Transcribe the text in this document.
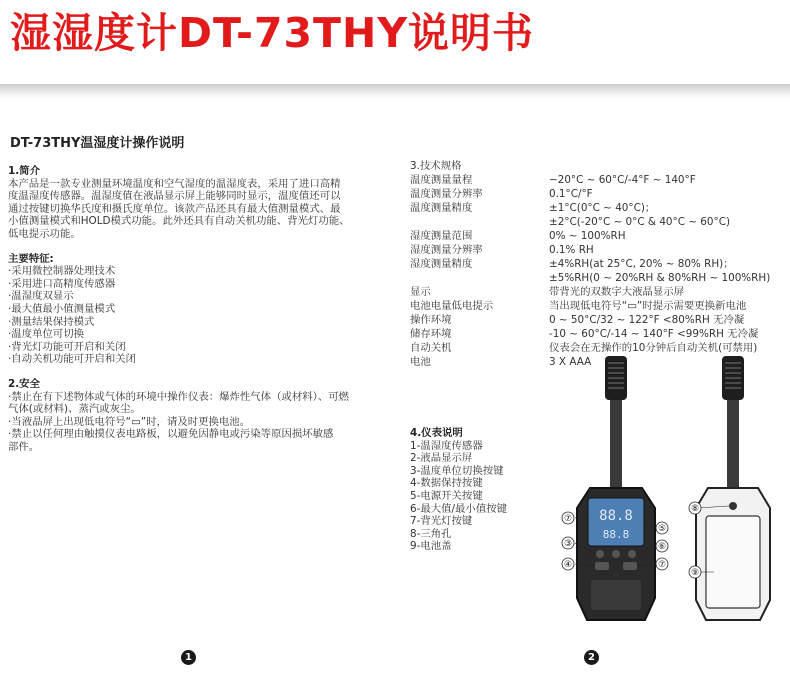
湿湿度计DT-73THY说明书
DT-73THY温湿度计操作说明
1.简介
本产品是一款专业测量环境温度和空气湿度的温湿度表，采用了进口高精
度温湿度传感器。温湿度值在液晶显示屏上能够同时显示，温度值还可以
通过按键切换华氏度和摄氏度单位。该款产品还具有最大值测量模式、最
小值测量模式和HOLD模式功能。此外还具有自动关机功能、背光灯功能、
低电提示功能。
主要特征:
·采用微控制器处理技术
·采用进口高精度传感器
·温湿度双显示
·最大值最小值测量模式
·测量结果保持模式
·温度单位可切换
·背光灯功能可开启和关闭
·自动关机功能可开启和关闭
2.安全
·禁止在有下述物体或气体的环境中操作仪表：爆炸性气体（或材料）、可燃
气体(或材料)、蒸汽或灰尘。
·当液晶屏上出现低电符号“▭”时，请及时更换电池。
·禁止以任何理由触摸仪表电路板，以避免因静电或污染等原因损坏敏感
部件。
3.技术规格
温度测量量程	−20°C ~ 60°C/-4°F ~ 140°F
温度测量分辨率	0.1°C/°F
温度测量精度	±1°C(0°C ~ 40°C)；
±2°C(-20°C ~ 0°C & 40°C ~ 60°C)
湿度测量范围	0% ~ 100%RH
湿度测量分辨率	0.1% RH
湿度测量精度	±4%RH(at 25°C, 20% ~ 80% RH)；
±5%RH(0 ~ 20%RH & 80%RH ~ 100%RH)
显示	带背光的双数字大液晶显示屏
电池电量低电提示	当出现低电符号“▭”时提示需要更换新电池
操作环境	0 ~ 50°C/32 ~ 122°F <80%RH 无冷凝
储存环境	-10 ~ 60°C/-14 ~ 140°F <99%RH 无冷凝
自动关机	仪表会在无操作的10分钟后自动关机(可禁用)
电池	3 X AAA
4.仪表说明
1-温湿度传感器
2-液晶显示屏
3-温度单位切换按键
4-数据保持按键
5-电源开关按键
6-最大值/最小值按键
7-背光灯按键
8-三角孔
9-电池盖
88.8
88.8
⑦
③
④
⑤
⑥
⑦
⑧
⑨
1	2
